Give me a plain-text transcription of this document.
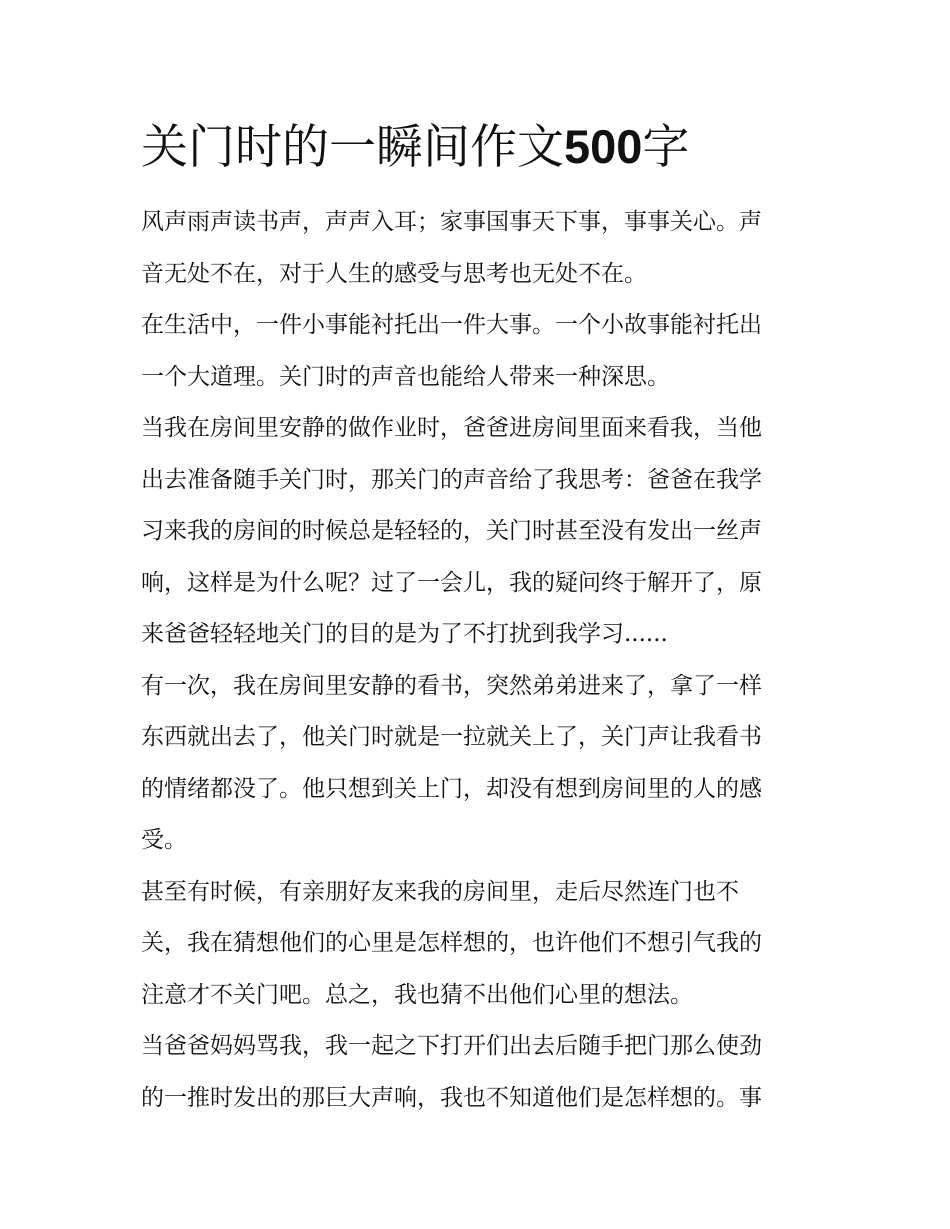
关门时的一瞬间作文500字

风声雨声读书声，声声入耳；家事国事天下事，事事关心。声
音无处不在，对于人生的感受与思考也无处不在。

在生活中，一件小事能衬托出一件大事。一个小故事能衬托出
一个大道理。关门时的声音也能给人带来一种深思。

当我在房间里安静的做作业时，爸爸进房间里面来看我，当他
出去准备随手关门时，那关门的声音给了我思考：爸爸在我学
习来我的房间的时候总是轻轻的，关门时甚至没有发出一丝声
响，这样是为什么呢？过了一会儿，我的疑问终于解开了，原
来爸爸轻轻地关门的目的是为了不打扰到我学习......

有一次，我在房间里安静的看书，突然弟弟进来了，拿了一样
东西就出去了，他关门时就是一拉就关上了，关门声让我看书
的情绪都没了。他只想到关上门，却没有想到房间里的人的感
受。

甚至有时候，有亲朋好友来我的房间里，走后尽然连门也不
关，我在猜想他们的心里是怎样想的，也许他们不想引气我的
注意才不关门吧。总之，我也猜不出他们心里的想法。

当爸爸妈妈骂我，我一起之下打开们出去后随手把门那么使劲
的一推时发出的那巨大声响，我也不知道他们是怎样想的。事
